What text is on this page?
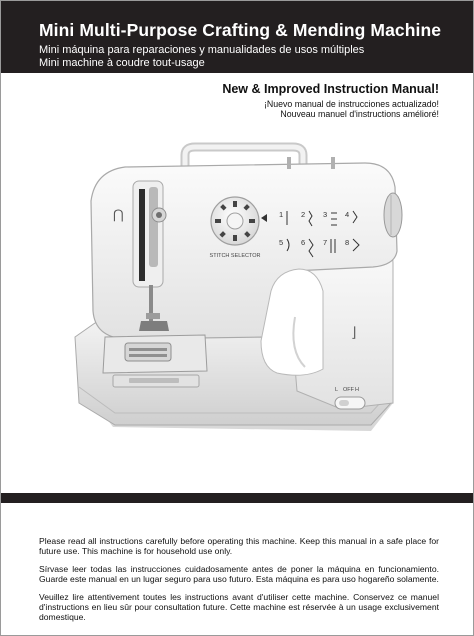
Mini Multi-Purpose Crafting & Mending Machine
Mini máquina para reparaciones y manualidades de usos múltiples
Mini machine à coudre tout-usage
New & Improved Instruction Manual!
¡Nuevo manual de instrucciones actualizado!
Nouveau manuel d'instructions amélioré!
⋂
STITCH SELECTOR
1 2 3 4
5 6 7 8
⌋
L OFF H

Please read all instructions carefully before operating this machine. Keep this manual in a safe place for future use. This machine is for household use only.

Sírvase leer todas las instrucciones cuidadosamente antes de poner la máquina en funcionamiento. Guarde este manual en un lugar seguro para uso futuro. Esta máquina es para uso hogareño solamente.

Veuillez lire attentivement toutes les instructions avant d'utiliser cette machine. Conservez ce manuel d'instructions en lieu sûr pour consultation future. Cette machine est réservée à un usage exclusivement domestique.
